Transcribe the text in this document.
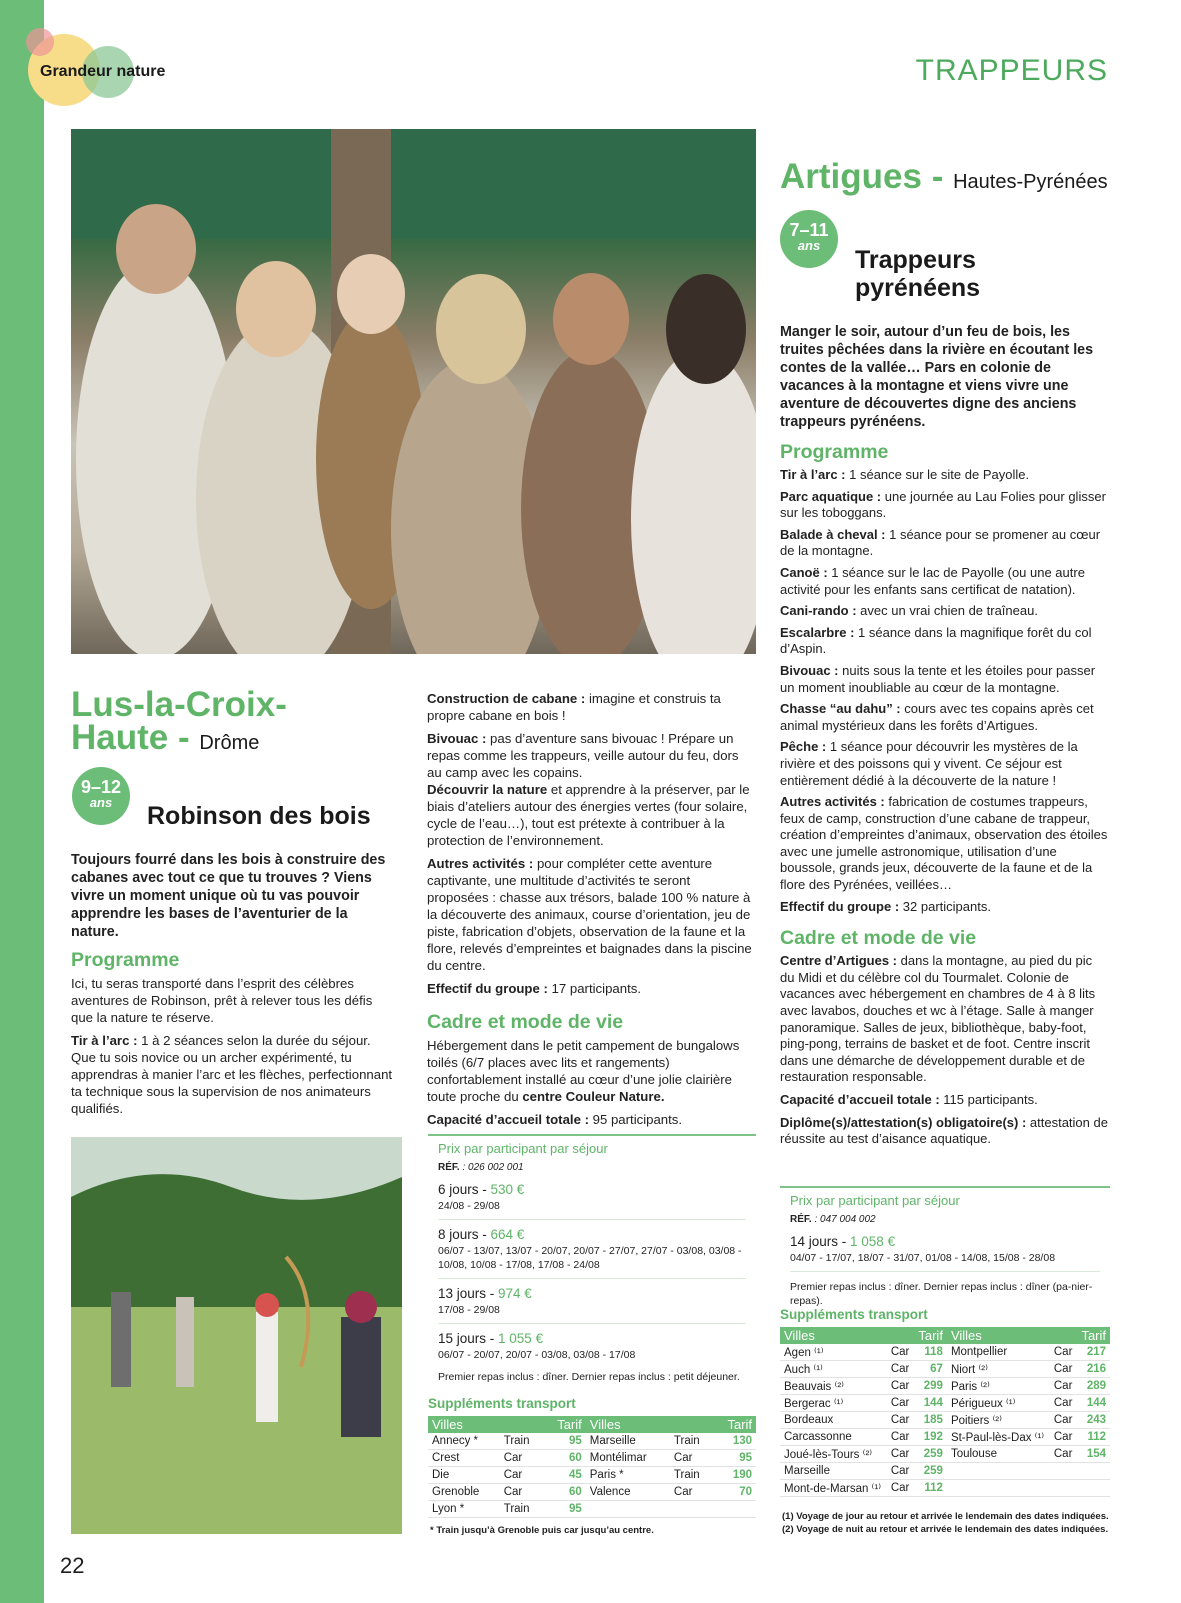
Grandeur nature	TRAPPEURS
Lus-la-Croix-
Haute - Drôme
9–12
ans	Robinson des bois

Toujours fourré dans les bois à construire des cabanes avec tout ce que tu trouves ? Viens vivre un moment unique où tu vas pouvoir apprendre les bases de l’aventurier de la nature.

Programme

Ici, tu seras transporté dans l’esprit des célèbres aventures de Robinson, prêt à relever tous les défis que la nature te réserve.

Tir à l’arc : 1 à 2 séances selon la durée du séjour. Que tu sois novice ou un archer expérimenté, tu apprendras à manier l’arc et les flèches, perfectionnant ta technique sous la supervision de nos animateurs qualifiés.

Construction de cabane : imagine et construis ta propre cabane en bois !

Bivouac : pas d’aventure sans bivouac ! Prépare un repas comme les trappeurs, veille autour du feu, dors au camp avec les copains.

Découvrir la nature et apprendre à la préserver, par le biais d’ateliers autour des énergies vertes (four solaire, cycle de l’eau…), tout est prétexte à contribuer à la protection de l’environnement.

Autres activités : pour compléter cette aventure captivante, une multitude d’activités te seront proposées : chasse aux trésors, balade 100 % nature à la découverte des animaux, course d’orientation, jeu de piste, fabrication d’objets, observation de la faune et la flore, relevés d’empreintes et baignades dans la piscine du centre.

Effectif du groupe : 17 participants.

Cadre et mode de vie

Hébergement dans le petit campement de bungalows toilés (6/7 places avec lits et rangements) confortablement installé au cœur d’une jolie clairière toute proche du centre Couleur Nature.

Capacité d’accueil totale : 95 participants.

Prix par participant par séjour
RÉF. : 026 002 001
6 jours - 530 €
24/08 - 29/08
8 jours - 664 €
06/07 - 13/07, 13/07 - 20/07, 20/07 - 27/07, 27/07 - 03/08, 03/08 - 10/08, 10/08 - 17/08, 17/08 - 24/08
13 jours - 974 €
17/08 - 29/08
15 jours - 1 055 €
06/07 - 20/07, 20/07 - 03/08, 03/08 - 17/08
Premier repas inclus : dîner. Dernier repas inclus : petit déjeuner.
Suppléments transport
Villes		Tarif	Villes		Tarif
Annecy *	Train	95	Marseille	Train	130
Crest	Car	60	Montélimar	Car	95
Die	Car	45	Paris *	Train	190
Grenoble	Car	60	Valence	Car	70
Lyon *	Train	95			
* Train jusqu’à Grenoble puis car jusqu’au centre.
Artigues - Hautes-Pyrénées
7–11
ans
Trappeurs pyrénéens

Manger le soir, autour d’un feu de bois, les truites pêchées dans la rivière en écoutant les contes de la vallée… Pars en colonie de vacances à la montagne et viens vivre une aventure de découvertes digne des anciens trappeurs pyrénéens.

Programme

Tir à l’arc : 1 séance sur le site de Payolle.

Parc aquatique : une journée au Lau Folies pour glisser sur les toboggans.

Balade à cheval : 1 séance pour se promener au cœur de la montagne.

Canoë : 1 séance sur le lac de Payolle (ou une autre activité pour les enfants sans certificat de natation).

Cani-rando : avec un vrai chien de traîneau.

Escalarbre : 1 séance dans la magnifique forêt du col d’Aspin.

Bivouac : nuits sous la tente et les étoiles pour passer un moment inoubliable au cœur de la montagne.

Chasse “au dahu” : cours avec tes copains après cet animal mystérieux dans les forêts d’Artigues.

Pêche : 1 séance pour découvrir les mystères de la rivière et des poissons qui y vivent. Ce séjour est entièrement dédié à la découverte de la nature !

Autres activités : fabrication de costumes trappeurs, feux de camp, construction d’une cabane de trappeur, création d’empreintes d’animaux, observation des étoiles avec une jumelle astronomique, utilisation d’une boussole, grands jeux, découverte de la faune et de la flore des Pyrénées, veillées…

Effectif du groupe : 32 participants.

Cadre et mode de vie

Centre d’Artigues : dans la montagne, au pied du pic du Midi et du célèbre col du Tourmalet. Colonie de vacances avec hébergement en chambres de 4 à 8 lits avec lavabos, douches et wc à l’étage. Salle à manger panoramique. Salles de jeux, bibliothèque, baby-foot, ping-pong, terrains de basket et de foot. Centre inscrit dans une démarche de développement durable et de restauration responsable.

Capacité d’accueil totale : 115 participants.

Diplôme(s)/attestation(s) obligatoire(s) : attestation de réussite au test d’aisance aquatique.

Prix par participant par séjour
RÉF. : 047 004 002
14 jours - 1 058 €
04/07 - 17/07, 18/07 - 31/07, 01/08 - 14/08, 15/08 - 28/08
Premier repas inclus : dîner. Dernier repas inclus : dîner (pa-nier-repas).
Suppléments transport
Villes		Tarif	Villes		Tarif
Agen ⁽¹⁾	Car	118	Montpellier	Car	217
Auch ⁽¹⁾	Car	67	Niort ⁽²⁾	Car	216
Beauvais ⁽²⁾	Car	299	Paris ⁽²⁾	Car	289
Bergerac ⁽¹⁾	Car	144	Périgueux ⁽¹⁾	Car	144
Bordeaux	Car	185	Poitiers ⁽²⁾	Car	243
Carcassonne	Car	192	St-Paul-lès-Dax ⁽¹⁾	Car	112
Joué-lès-Tours ⁽²⁾	Car	259	Toulouse	Car	154
Marseille	Car	259			
Mont-de-Marsan ⁽¹⁾	Car	112			
(1) Voyage de jour au retour et arrivée le lendemain des dates indiquées.
(2) Voyage de nuit au retour et arrivée le lendemain des dates indiquées.
22
